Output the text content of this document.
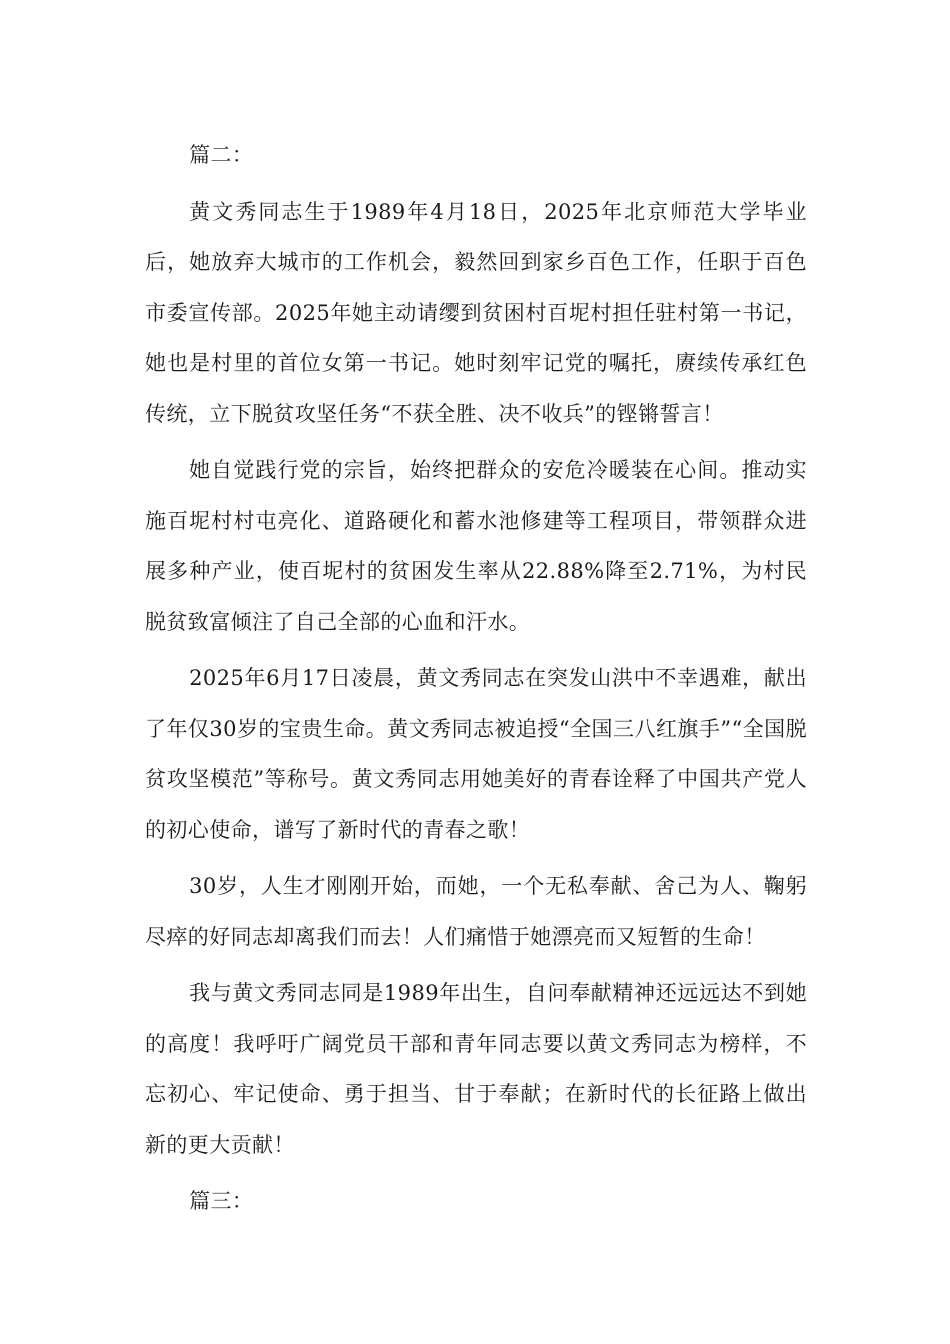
篇二：

黄文秀同志生于1989年4月18日，2025年北京师范大学毕业后，她放弃大城市的工作机会，毅然回到家乡百色工作，任职于百色市委宣传部。2025年她主动请缨到贫困村百坭村担任驻村第一书记，她也是村里的首位女第一书记。她时刻牢记党的嘱托，赓续传承红色传统，立下脱贫攻坚任务“不获全胜、决不收兵”的铿锵誓言！

她自觉践行党的宗旨，始终把群众的安危冷暖装在心间。推动实施百坭村村屯亮化、道路硬化和蓄水池修建等工程项目，带领群众进展多种产业，使百坭村的贫困发生率从22.88%降至2.71%，为村民脱贫致富倾注了自己全部的心血和汗水。

2025年6月17日凌晨，黄文秀同志在突发山洪中不幸遇难，献出了年仅30岁的宝贵生命。黄文秀同志被追授“全国三八红旗手”“全国脱贫攻坚模范”等称号。黄文秀同志用她美好的青春诠释了中国共产党人的初心使命，谱写了新时代的青春之歌！

30岁，人生才刚刚开始，而她，一个无私奉献、舍己为人、鞠躬尽瘁的好同志却离我们而去！人们痛惜于她漂亮而又短暂的生命！

我与黄文秀同志同是1989年出生，自问奉献精神还远远达不到她的高度！我呼吁广阔党员干部和青年同志要以黄文秀同志为榜样，不忘初心、牢记使命、勇于担当、甘于奉献；在新时代的长征路上做出新的更大贡献！

篇三：
